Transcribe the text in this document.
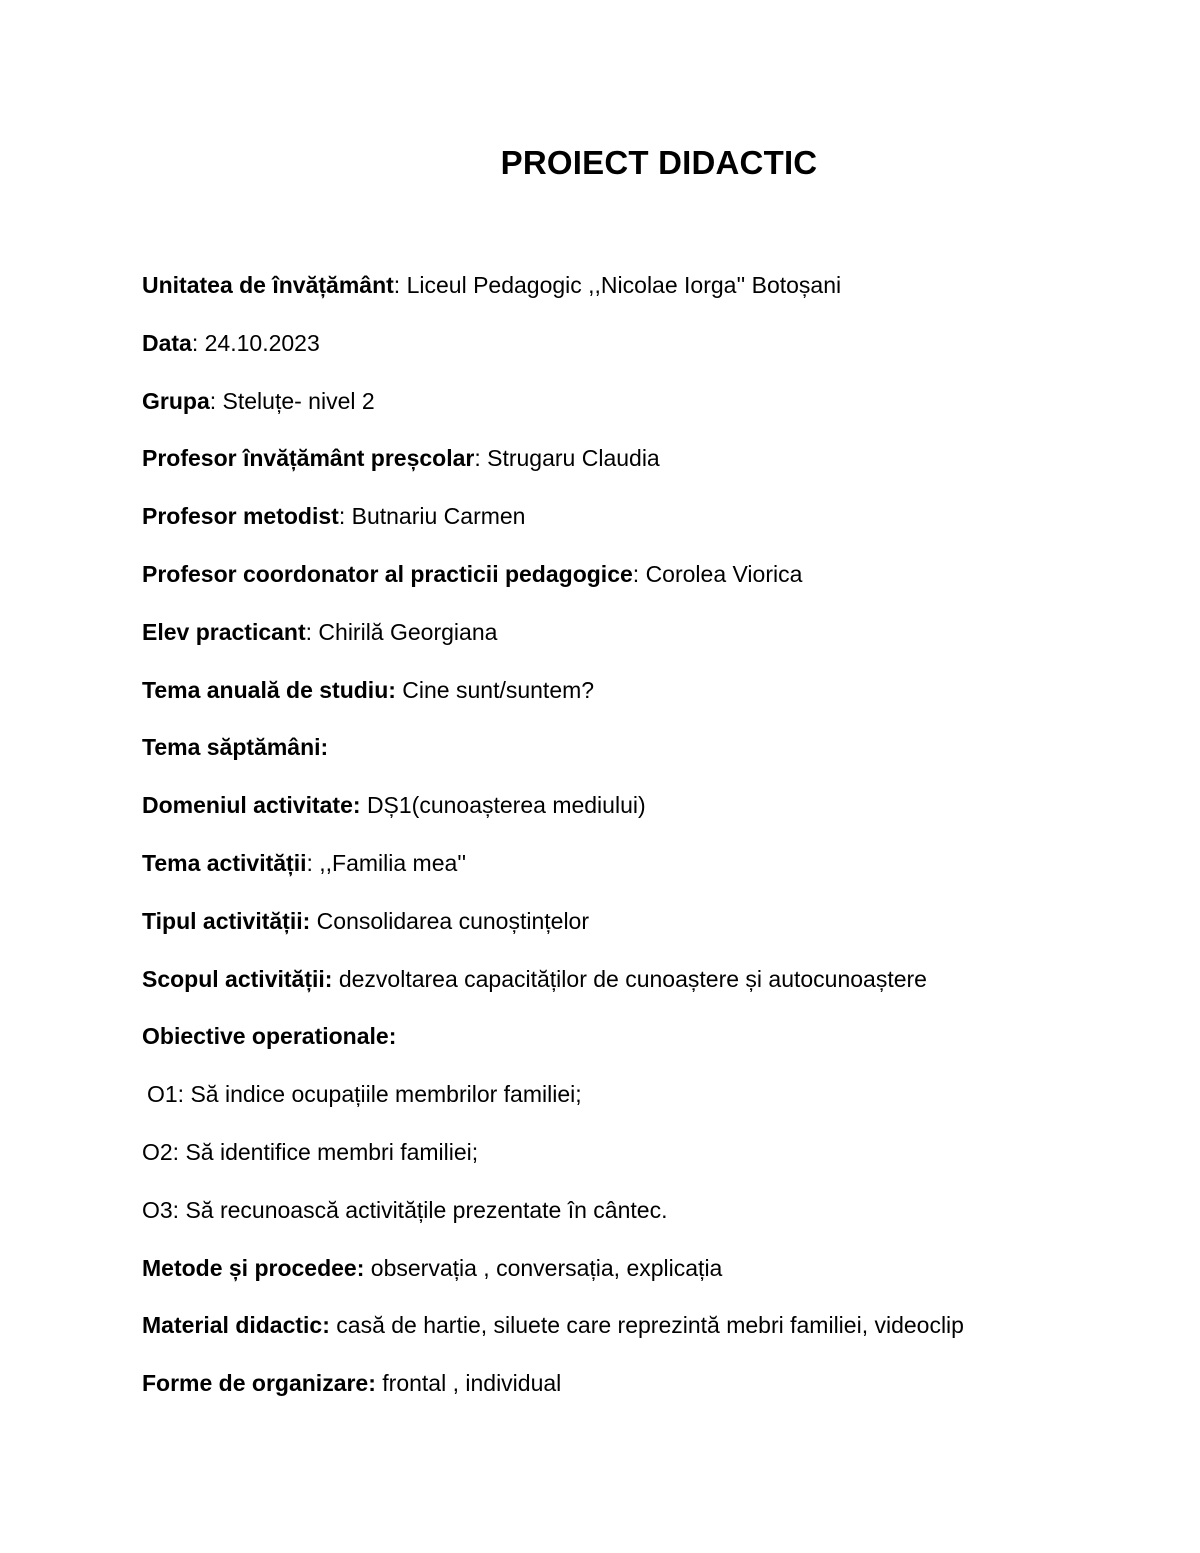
PROIECT DIDACTIC
Unitatea de învățământ: Liceul Pedagogic ,,Nicolae Iorga'' Botoșani
Data: 24.10.2023
Grupa: Steluțe- nivel 2
Profesor învățământ preșcolar: Strugaru Claudia
Profesor metodist: Butnariu Carmen
Profesor coordonator al practicii pedagogice: Corolea Viorica
Elev practicant: Chirilă Georgiana
Tema anuală de studiu: Cine sunt/suntem?
Tema săptămâni:
Domeniul activitate: DȘ1(cunoașterea mediului)
Tema activității: ,,Familia mea''
Tipul activității: Consolidarea cunoștințelor
Scopul activității: dezvoltarea capacităților de cunoaștere și autocunoaștere
Obiective operationale:
O1: Să indice ocupațiile membrilor familiei;
O2: Să identifice membri familiei;
O3: Să recunoască activitățile prezentate în cântec.
Metode și procedee: observația , conversația, explicația
Material didactic: casă de hartie, siluete care reprezintă mebri familiei, videoclip
Forme de organizare: frontal , individual
